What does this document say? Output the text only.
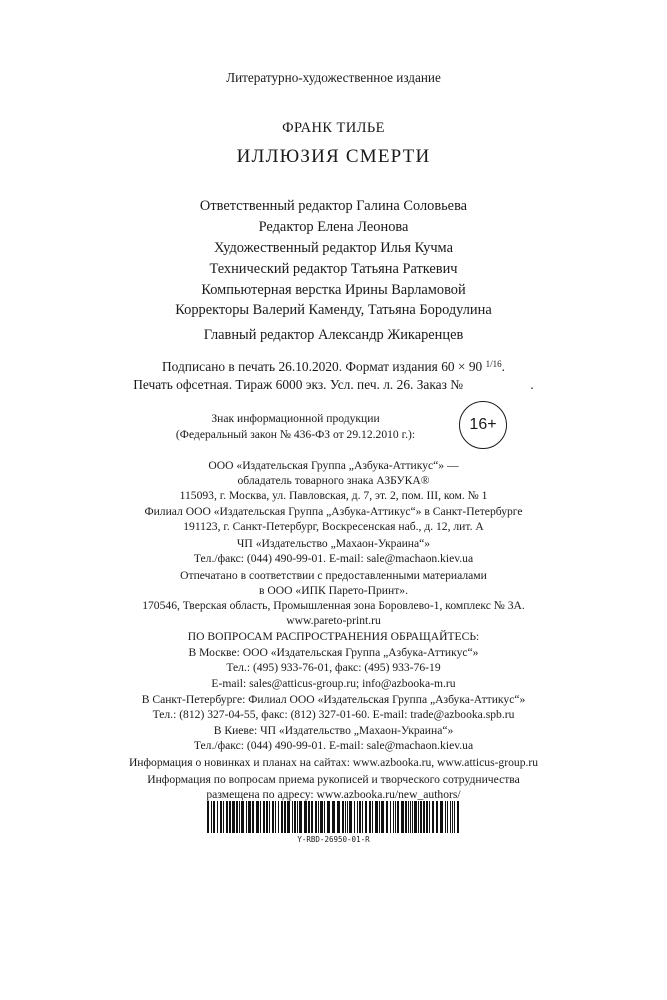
Литературно-художественное издание
ФРАНК ТИЛЬЕ
ИЛЛЮЗИЯ СМЕРТИ
Ответственный редактор Галина Соловьева
Редактор Елена Леонова
Художественный редактор Илья Кучма
Технический редактор Татьяна Раткевич
Компьютерная верстка Ирины Варламовой
Корректоры Валерий Каменду, Татьяна Бородулина
Главный редактор Александр Жикаренцев
Подписано в печать 26.10.2020. Формат издания 60 × 90 $^{1/16}$.
Печать офсетная. Тираж 6000 экз. Усл. печ. л. 26. Заказ №	.
Знак информационной продукции
(Федеральный закон № 436-ФЗ от 29.12.2010 г.):
16+
ООО «Издательская Группа „Азбука-Аттикус“» —
обладатель товарного знака АЗБУКА®
115093, г. Москва, ул. Павловская, д. 7, эт. 2, пом. III, ком. № 1
Филиал ООО «Издательская Группа „Азбука-Аттикус“» в Санкт-Петербурге
191123, г. Санкт-Петербург, Воскресенская наб., д. 12, лит. А
ЧП «Издательство „Махаон-Украина“»
Тел./факс: (044) 490-99-01. E-mail: sale@machaon.kiev.ua
Отпечатано в соответствии с предоставленными материалами
в ООО «ИПК Парето-Принт».
170546, Тверская область, Промышленная зона Боровлево-1, комплекс № 3А.
www.pareto-print.ru
ПО ВОПРОСАМ РАСПРОСТРАНЕНИЯ ОБРАЩАЙТЕСЬ:
В Москве: ООО «Издательская Группа „Азбука-Аттикус“»
Тел.: (495) 933-76-01, факс: (495) 933-76-19
E-mail: sales@atticus-group.ru; info@azbooka-m.ru
В Санкт-Петербурге: Филиал ООО «Издательская Группа „Азбука-Аттикус“»
Тел.: (812) 327-04-55, факс: (812) 327-01-60. E-mail: trade@azbooka.spb.ru
В Киеве: ЧП «Издательство „Махаон-Украина“»
Тел./факс: (044) 490-99-01. E-mail: sale@machaon.kiev.ua
Информация о новинках и планах на сайтах: www.azbooka.ru, www.atticus-group.ru
Информация по вопросам приема рукописей и творческого сотрудничества
размещена по адресу: www.azbooka.ru/new_authors/
Y-RBD-26950-01-R
